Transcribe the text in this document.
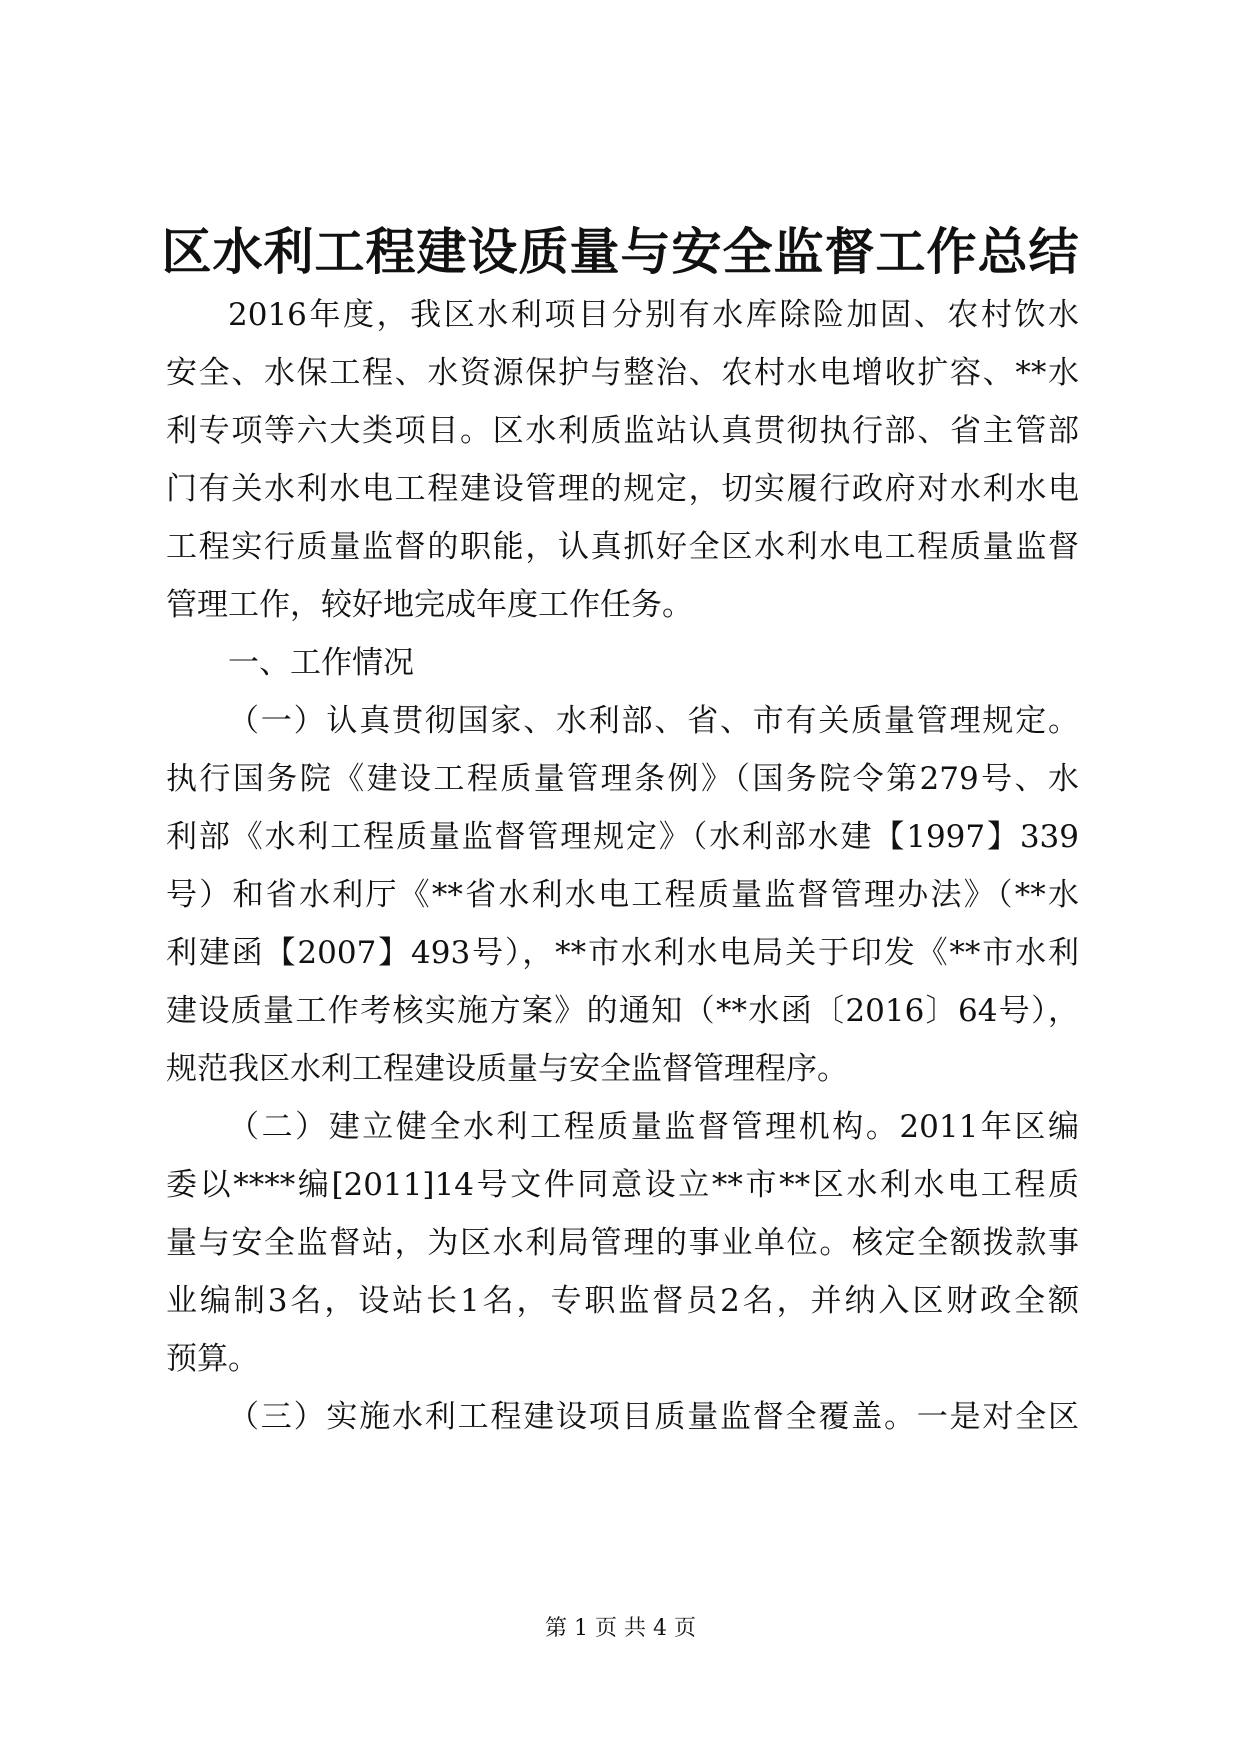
区水利工程建设质量与安全监督工作总结
2016年度，我区水利项目分别有水库除险加固、农村饮水
安全、水保工程、水资源保护与整治、农村水电增收扩容、**水
利专项等六大类项目。区水利质监站认真贯彻执行部、省主管部
门有关水利水电工程建设管理的规定，切实履行政府对水利水电
工程实行质量监督的职能，认真抓好全区水利水电工程质量监督
管理工作，较好地完成年度工作任务。
一、工作情况
（一）认真贯彻国家、水利部、省、市有关质量管理规定。
执行国务院《建设工程质量管理条例》（国务院令第279号、水
利部《水利工程质量监督管理规定》（水利部水建【1997】339
号）和省水利厅《**省水利水电工程质量监督管理办法》（**水
利建函【2007】493号），**市水利水电局关于印发《**市水利
建设质量工作考核实施方案》的通知（**水函〔2016〕64号），
规范我区水利工程建设质量与安全监督管理程序。
（二）建立健全水利工程质量监督管理机构。2011年区编
委以****编[2011]14号文件同意设立**市**区水利水电工程质
量与安全监督站，为区水利局管理的事业单位。核定全额拨款事
业编制3名，设站长1名，专职监督员2名，并纳入区财政全额
预算。
（三）实施水利工程建设项目质量监督全覆盖。一是对全区
第 1 页 共 4 页
